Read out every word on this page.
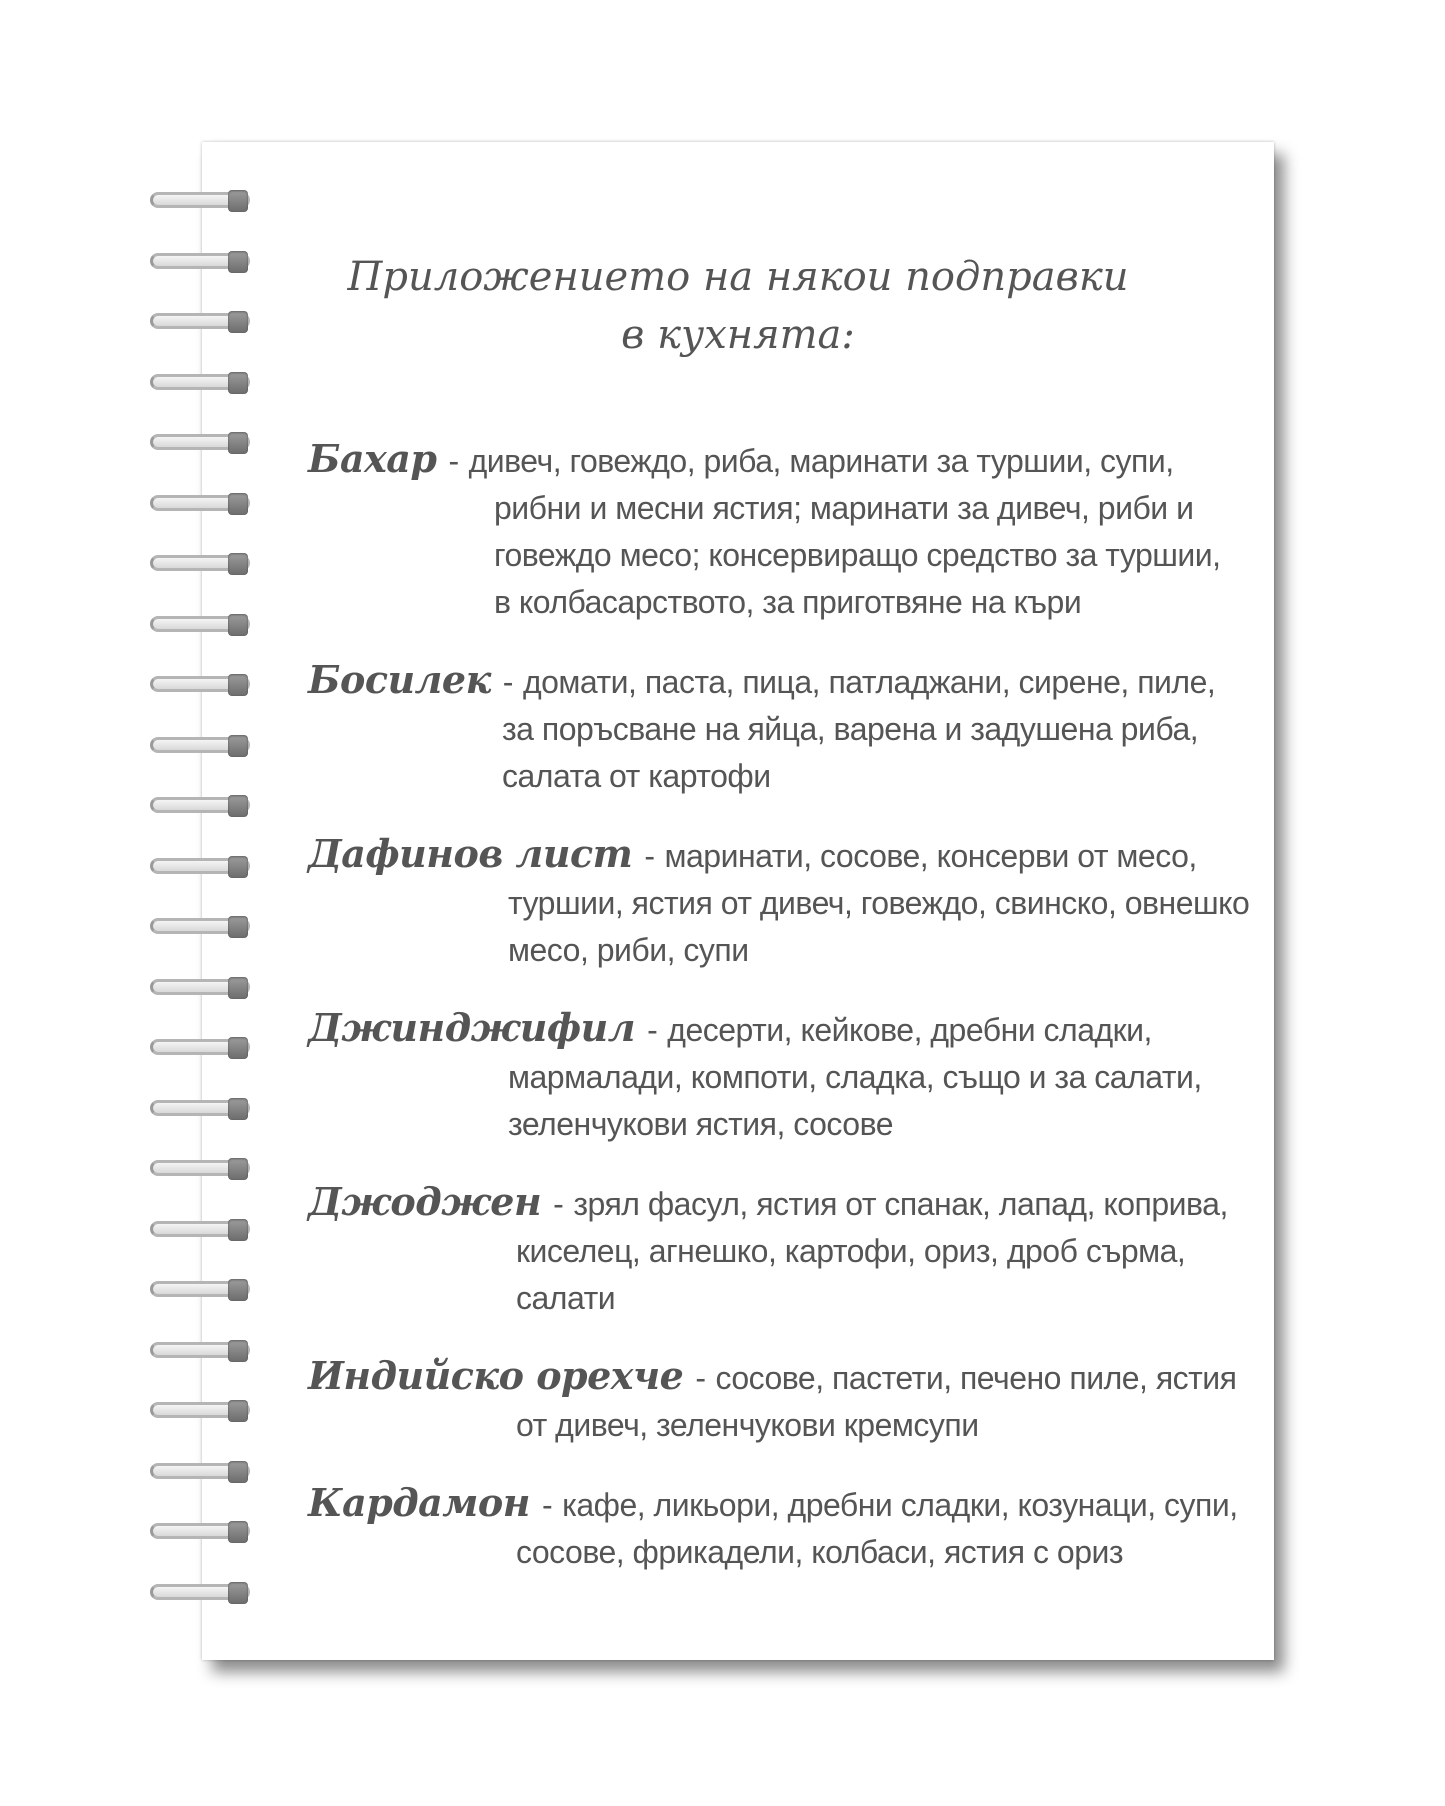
Приложението на някои подправки
в кухнята:
Бахар - дивеч, говеждо, риба, маринати за туршии, супи,
рибни и месни ястия; маринати за дивеч, риби и
говеждо месо; консервиращо средство за туршии,
в колбасарството, за приготвяне на къри
Босилек - домати, паста, пица, патладжани, сирене, пиле,
за поръсване на яйца, варена и задушена риба,
салата от картофи
Дафинов лист - маринати, сосове, консерви от месо,
туршии, ястия от дивеч, говеждо, свинско, овнешко
месо, риби, супи
Джинджифил - десерти, кейкове, дребни сладки,
мармалади, компоти, сладка, също и за салати,
зеленчукови ястия, сосове
Джоджен - зрял фасул, ястия от спанак, лапад, коприва,
киселец, агнешко, картофи, ориз, дроб сърма,
салати
Индийско орехче - сосове, пастети, печено пиле, ястия
от дивеч, зеленчукови кремсупи
Кардамон - кафе, ликьори, дребни сладки, козунаци, супи,
сосове, фрикадели, колбаси, ястия с ориз
